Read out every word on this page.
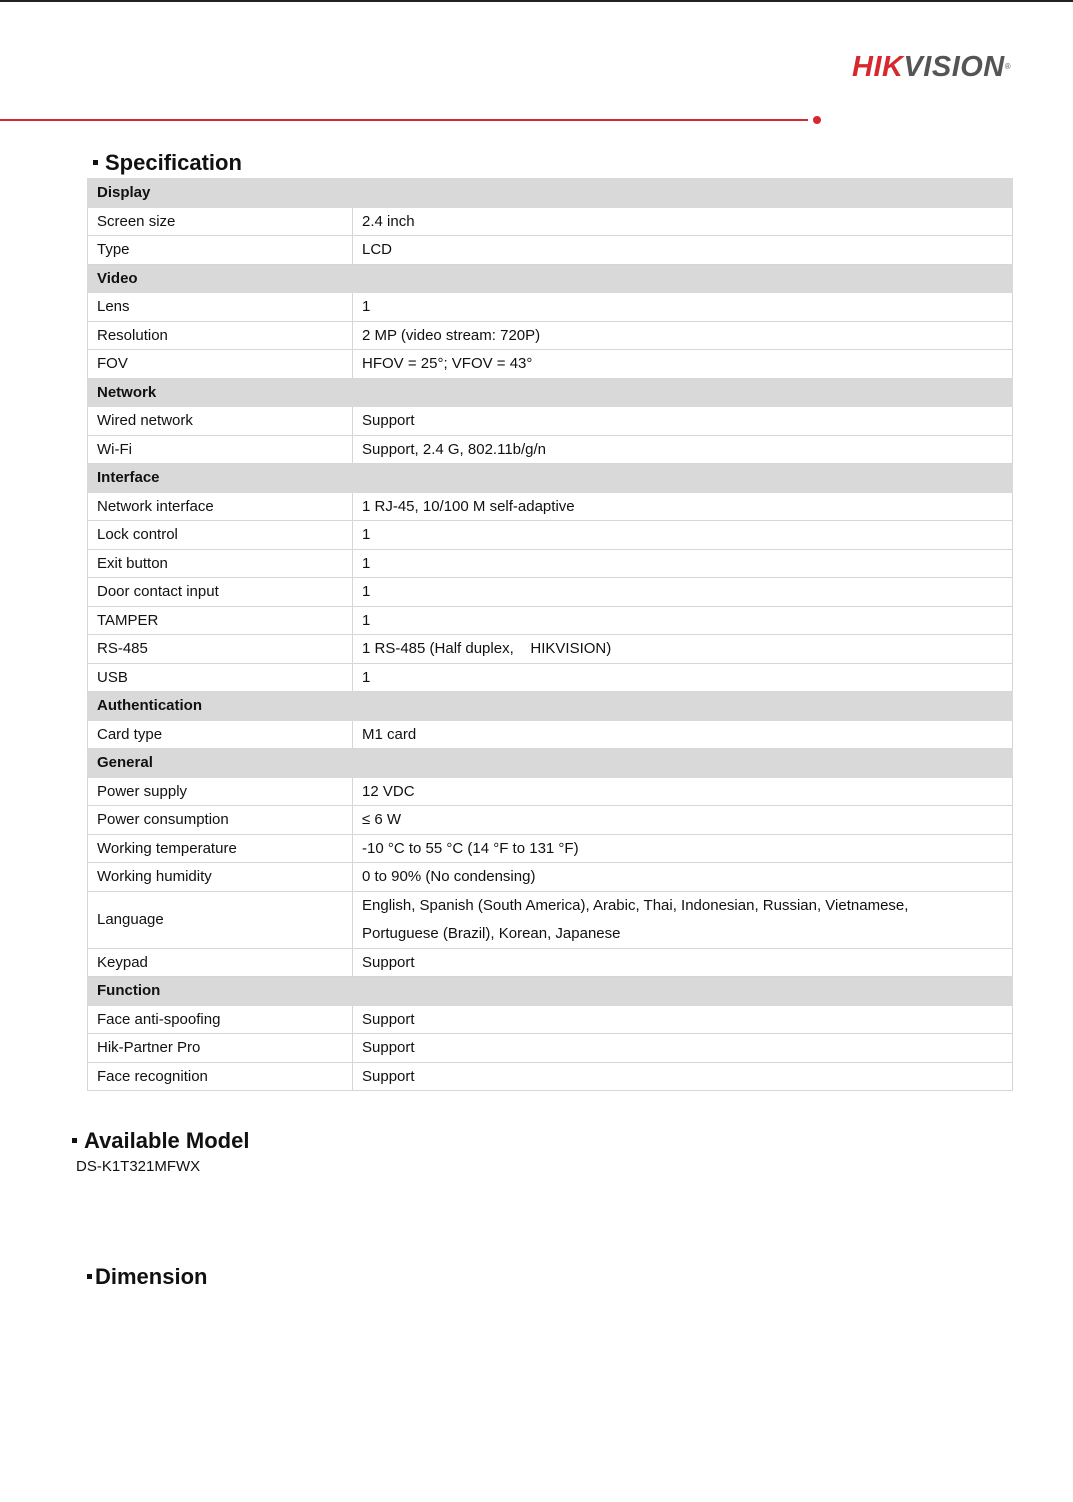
HIKVISION®
Specification
Display	
Screen size	2.4 inch
Type	LCD
Video	
Lens	1
Resolution	2 MP (video stream: 720P)
FOV	HFOV = 25°; VFOV = 43°
Network	
Wired network	Support
Wi-Fi	Support, 2.4 G, 802.11b/g/n
Interface	
Network interface	1 RJ-45, 10/100 M self-adaptive
Lock control	1
Exit button	1
Door contact input	1
TAMPER	1
RS-485	1 RS-485 (Half duplex,    HIKVISION)
USB	1
Authentication	
Card type	M1 card
General	
Power supply	12 VDC
Power consumption	≤ 6 W
Working temperature	-10 °C to 55 °C (14 °F to 131 °F)
Working humidity	0 to 90% (No condensing)
Language	English, Spanish (South America), Arabic, Thai, Indonesian, Russian, Vietnamese,
Portuguese (Brazil), Korean, Japanese

Keypad	Support
Function	
Face anti-spoofing	Support
Hik-Partner Pro	Support
Face recognition	Support
Available Model
DS-K1T321MFWX
Dimension
